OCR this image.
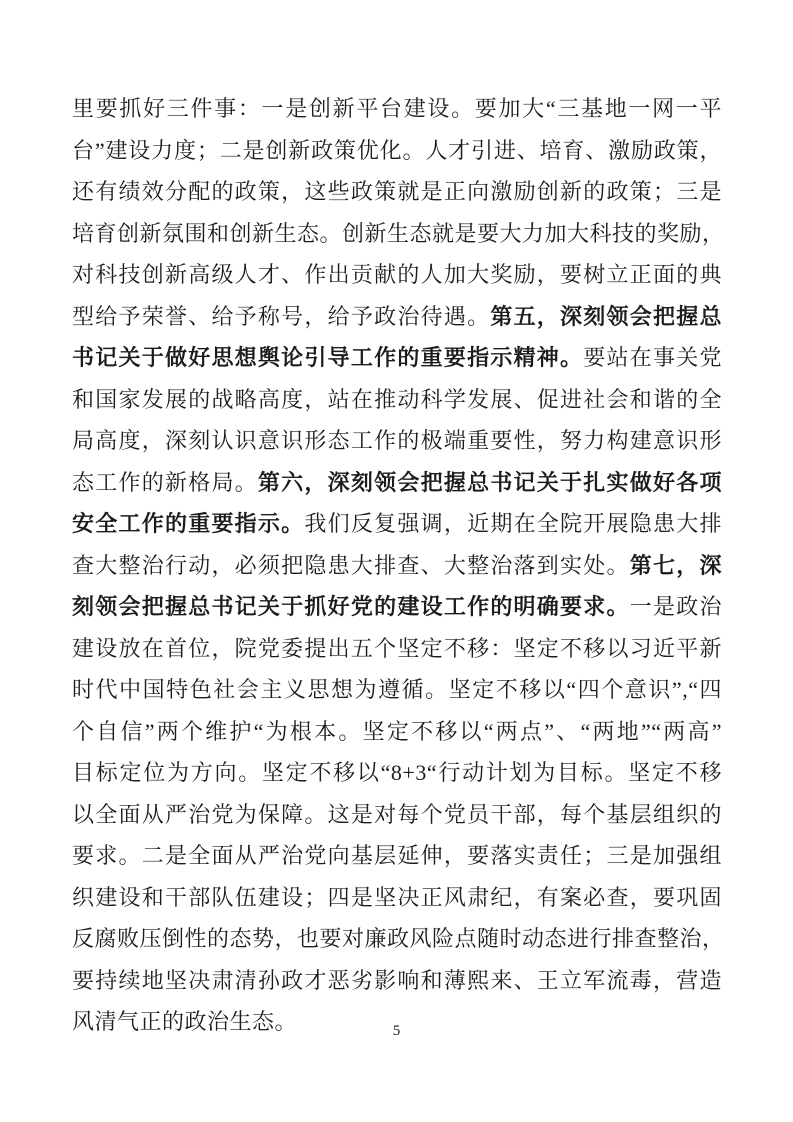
里要抓好三件事：一是创新平台建设。要加大“三基地一网一平
台”建设力度；二是创新政策优化。人才引进、培育、激励政策，
还有绩效分配的政策，这些政策就是正向激励创新的政策；三是
培育创新氛围和创新生态。创新生态就是要大力加大科技的奖励，
对科技创新高级人才、作出贡献的人加大奖励，要树立正面的典
型给予荣誉、给予称号，给予政治待遇。第五，深刻领会把握总
书记关于做好思想舆论引导工作的重要指示精神。要站在事关党
和国家发展的战略高度，站在推动科学发展、促进社会和谐的全
局高度，深刻认识意识形态工作的极端重要性，努力构建意识形
态工作的新格局。第六，深刻领会把握总书记关于扎实做好各项
安全工作的重要指示。我们反复强调，近期在全院开展隐患大排
查大整治行动，必须把隐患大排查、大整治落到实处。第七，深
刻领会把握总书记关于抓好党的建设工作的明确要求。一是政治
建设放在首位，院党委提出五个坚定不移：坚定不移以习近平新
时代中国特色社会主义思想为遵循。坚定不移以“四个意识”,“四
个自信”两个维护“为根本。坚定不移以“两点”、“两地”“两高”
目标定位为方向。坚定不移以“8+3“行动计划为目标。坚定不移
以全面从严治党为保障。这是对每个党员干部，每个基层组织的
要求。二是全面从严治党向基层延伸，要落实责任；三是加强组
织建设和干部队伍建设；四是坚决正风肃纪，有案必查，要巩固
反腐败压倒性的态势，也要对廉政风险点随时动态进行排查整治，
要持续地坚决肃清孙政才恶劣影响和薄熙来、王立军流毒，营造
风清气正的政治生态。	5
